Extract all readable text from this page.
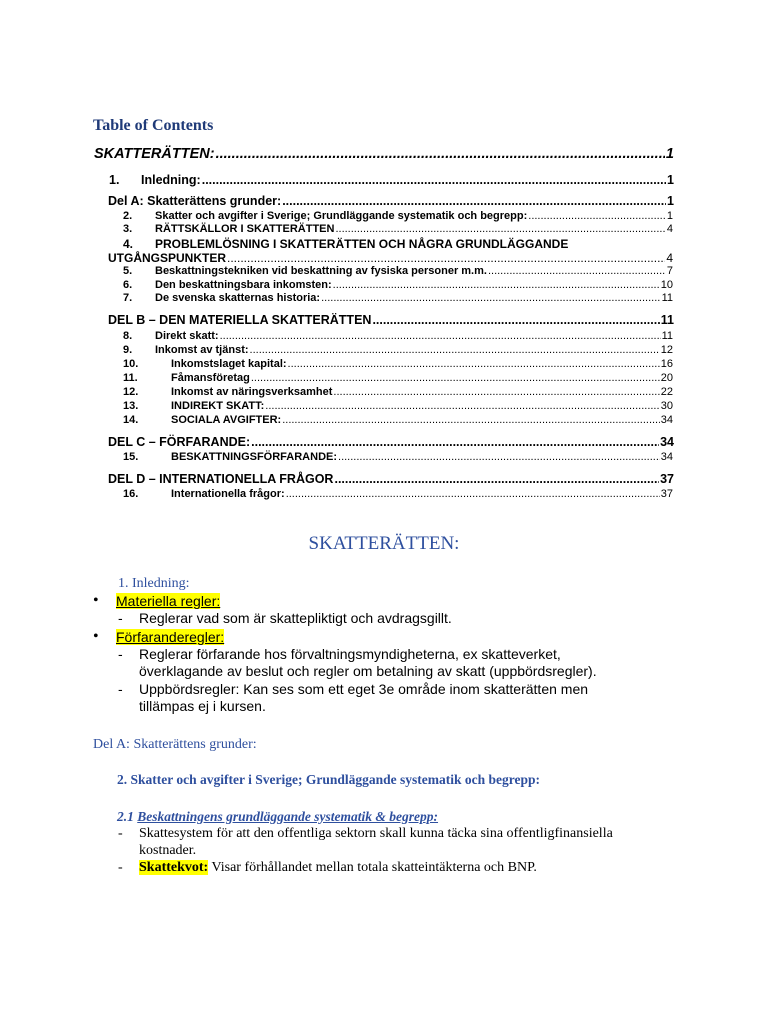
Table of Contents
SKATTERÄTTEN: .....	1
1.	Inledning: .....	1
Del A: Skatterättens grunder: .....	1
2.	Skatter och avgifter i Sverige; Grundläggande systematik och begrepp: .....	1
3.	RÄTTSKÄLLOR I SKATTERÄTTEN .....	4
4.	PROBLEMLÖSNING I SKATTERÄTTEN OCH NÅGRA GRUNDLÄGGANDE
UTGÅNGSPUNKTER .....	4
5.	Beskattningstekniken vid beskattning av fysiska personer m.m. .....	7
6.	Den beskattningsbara inkomsten: .....	10
7.	De svenska skatternas historia: .....	11
DEL B – DEN MATERIELLA SKATTERÄTTEN .....	11
8.	Direkt skatt: .....	11
9.	Inkomst av tjänst: .....	12
10.	Inkomstslaget kapital: .....	16
11.	Fåmansföretag .....	20
12.	Inkomst av näringsverksamhet .....	22
13.	INDIREKT SKATT: .....	30
14.	SOCIALA AVGIFTER: .....	34
DEL C – FÖRFARANDE: .....	34
15.	BESKATTNINGSFÖRFARANDE: .....	34
DEL D – INTERNATIONELLA FRÅGOR .....	37
16.	Internationella frågor: .....	37
SKATTERÄTTEN:
1. Inledning:
• Materiella regler:
- Reglerar vad som är skattepliktigt och avdragsgillt.
• Förfaranderegler:
- Reglerar förfarande hos förvaltningsmyndigheterna, ex skatteverket,
överklagande av beslut och regler om betalning av skatt (uppbördsregler).
- Uppbördsregler: Kan ses som ett eget 3e område inom skatterätten men
tillämpas ej i kursen.
Del A: Skatterättens grunder:
2. Skatter och avgifter i Sverige; Grundläggande systematik och begrepp:
2.1 Beskattningens grundläggande systematik & begrepp:
- Skattesystem för att den offentliga sektorn skall kunna täcka sina offentligfinansiella
kostnader.
- Skattekvot: Visar förhållandet mellan totala skatteintäkterna och BNP.
